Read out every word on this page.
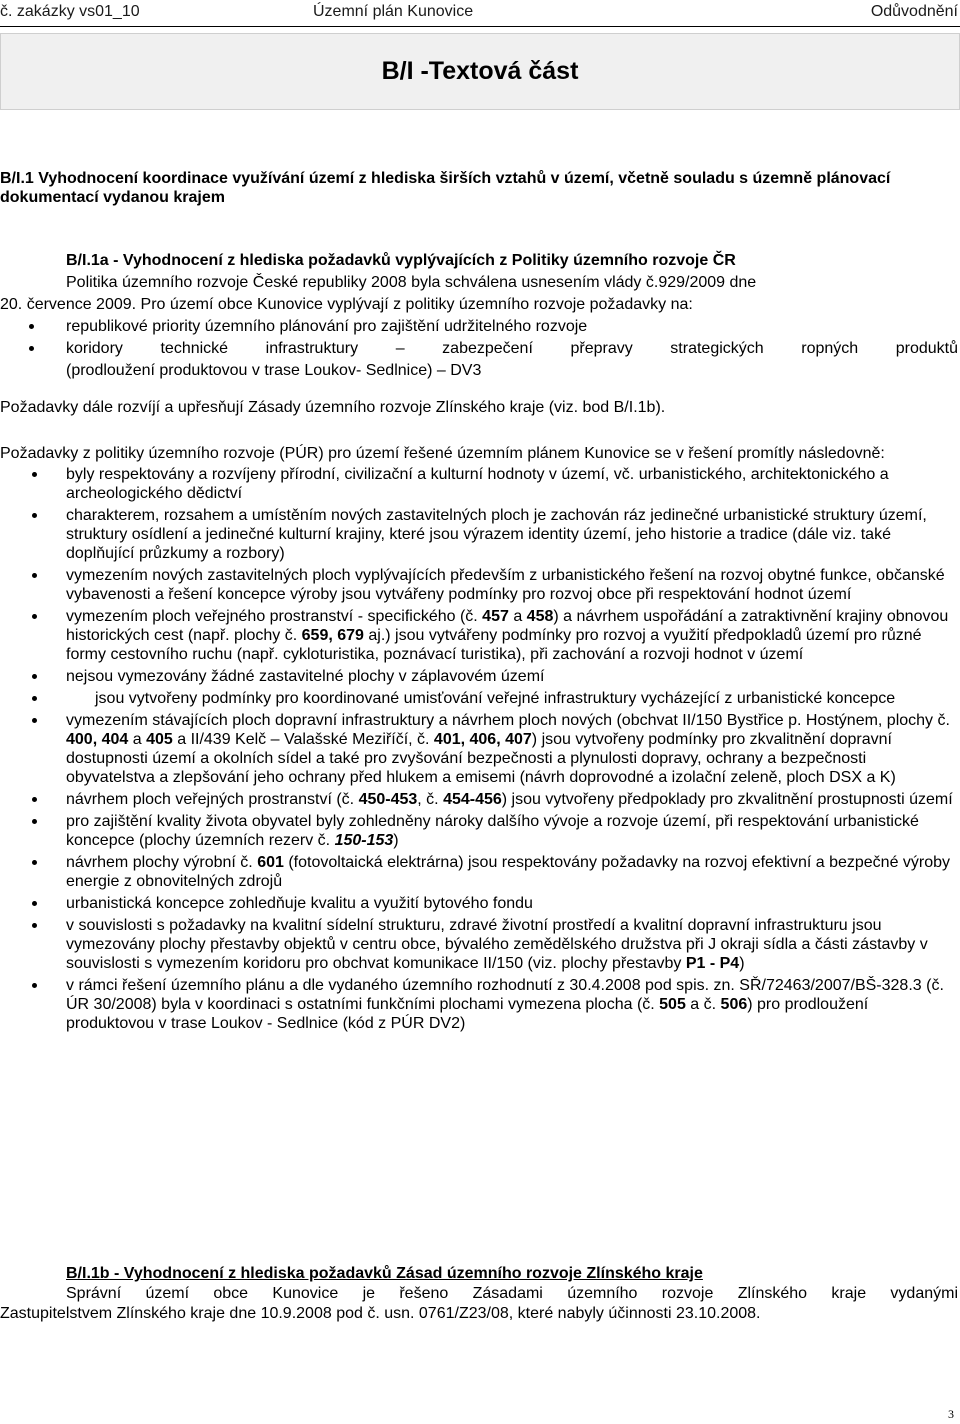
č. zakázky vs01_10	Územní plán Kunovice	Odůvodnění
B/I -Textová část

B/I.1 Vyhodnocení koordinace využívání území z hlediska širších vztahů v území, včetně souladu s územně plánovací dokumentací vydanou krajem

B/I.1a - Vyhodnocení z hlediska požadavků vyplývajících z Politiky územního rozvoje ČR

Politika územního rozvoje České republiky 2008 byla schválena usnesením vlády č.929/2009 dne

20. července 2009. Pro území obce Kunovice vyplývají z politiky územního rozvoje požadavky na:

republikové priority územního plánování pro zajištění udržitelného rozvoje
koridory technické infrastruktury – zabezpečení přepravy strategických ropných produktů

(prodloužení produktovou v trase Loukov- Sedlnice) – DV3

Požadavky dále rozvíjí a upřesňují Zásady územního rozvoje Zlínského kraje (viz. bod B/I.1b).

Požadavky z politiky územního rozvoje (PÚR) pro území řešené územním plánem Kunovice se v řešení promítly následovně:

byly respektovány a rozvíjeny přírodní, civilizační a kulturní hodnoty v území, vč. urbanistického, architektonického a archeologického dědictví
charakterem, rozsahem a umístěním nových zastavitelných ploch je zachován ráz jedinečné urbanistické struktury území, struktury osídlení a jedinečné kulturní krajiny, které jsou výrazem identity území, jeho historie a tradice (dále viz. také doplňující průzkumy a rozbory)
vymezením nových zastavitelných ploch vyplývajících především z urbanistického řešení na rozvoj obytné funkce, občanské vybavenosti a řešení koncepce výroby jsou vytvářeny podmínky pro rozvoj obce při respektování hodnot území
vymezením ploch veřejného prostranství - specifického (č. 457 a 458) a návrhem uspořádání a zatraktivnění krajiny obnovou historických cest (např. plochy č. 659, 679 aj.) jsou vytvářeny podmínky pro rozvoj a využití předpokladů území pro různé formy cestovního ruchu (např. cykloturistika, poznávací turistika), při zachování a rozvoji hodnot v území
nejsou vymezovány žádné zastavitelné plochy v záplavovém území
jsou vytvořeny podmínky pro koordinované umisťování veřejné infrastruktury vycházející z urbanistické koncepce
vymezením stávajících ploch dopravní infrastruktury a návrhem ploch nových (obchvat II/150 Bystřice p. Hostýnem, plochy č. 400, 404 a 405 a II/439 Kelč – Valašské Meziříčí, č. 401, 406, 407) jsou vytvořeny podmínky pro zkvalitnění dopravní dostupnosti území a okolních sídel a také pro zvyšování bezpečnosti a plynulosti dopravy, ochrany a bezpečnosti obyvatelstva a zlepšování jeho ochrany před hlukem a emisemi (návrh doprovodné a izolační zeleně, ploch DSX a K)
návrhem ploch veřejných prostranství (č. 450-453, č. 454-456) jsou vytvořeny předpoklady pro zkvalitnění prostupnosti území
pro zajištění kvality života obyvatel byly zohledněny nároky dalšího vývoje a rozvoje území, při respektování urbanistické koncepce (plochy územních rezerv č. 150-153)
návrhem plochy výrobní č. 601 (fotovoltaická elektrárna) jsou respektovány požadavky na rozvoj efektivní a bezpečné výroby energie z obnovitelných zdrojů
urbanistická koncepce zohledňuje kvalitu a využití bytového fondu
v souvislosti s požadavky na kvalitní sídelní strukturu, zdravé životní prostředí a kvalitní dopravní infrastrukturu jsou vymezovány plochy přestavby objektů v centru obce, bývalého zemědělského družstva při J okraji sídla a části zástavby v souvislosti s vymezením koridoru pro obchvat komunikace II/150 (viz. plochy přestavby P1 - P4)
v rámci řešení územního plánu a dle vydaného územního rozhodnutí z 30.4.2008 pod spis. zn. SŘ/72463/2007/BŠ-328.3 (č. ÚR 30/2008) byla v koordinaci s ostatními funkčními plochami vymezena plocha (č. 505 a č. 506) pro prodloužení produktovou v trase Loukov - Sedlnice (kód z PÚR DV2)

B/I.1b - Vyhodnocení z hlediska požadavků Zásad územního rozvoje Zlínského kraje

Správní území obce Kunovice je řešeno Zásadami územního rozvoje Zlínského kraje vydanými

Zastupitelstvem Zlínského kraje dne 10.9.2008 pod č. usn. 0761/Z23/08, které nabyly účinnosti 23.10.2008.

3
